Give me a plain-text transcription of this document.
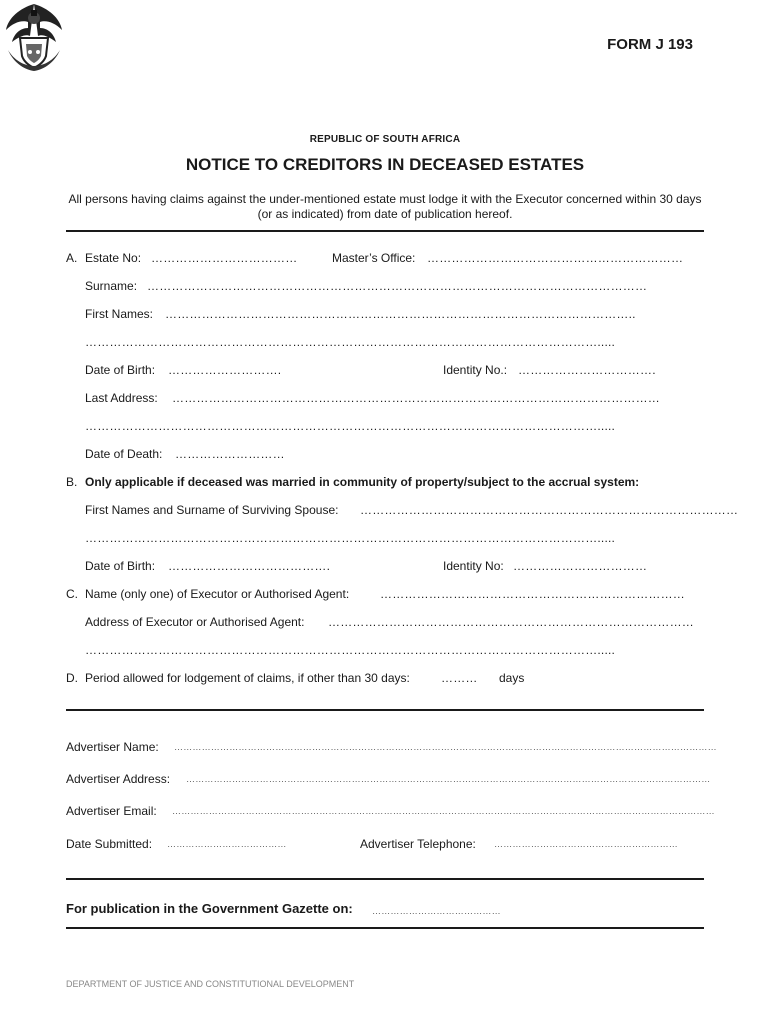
FORM J 193
REPUBLIC OF SOUTH AFRICA
NOTICE TO CREDITORS IN DECEASED ESTATES
All persons having claims against the under-mentioned estate must lodge it with the Executor concerned within 30 days (or as indicated) from date of publication hereof.
A. Estate No: ………………………………	Master’s Office: ………………………………………………………
Surname: ……………………………………………………………………………………………………………
First Names: ……………………………………………………………………………………………………..
……………………………………………………………………………………………………………….....
Date of Birth: ……………………….	Identity No.: …………………………….
Last Address: …………………………………………………………………………………………………………
……………………………………………………………………………………………………………….....
Date of Death: ………………………
B. Only applicable if deceased was married in community of property/subject to the accrual system:
First Names and Surname of Surviving Spouse: …………………………………………………………………………………
……………………………………………………………………………………………………………….....
Date of Birth: ………………………………….	Identity No: ……………………………
C. Name (only one) of Executor or Authorised Agent:	…………………………………………………………………
Address of Executor or Authorised Agent: ………………………………………………………………………………
……………………………………………………………………………………………………………….....
D. Period allowed for lodgement of claims, if other than 30 days:	……… days
Advertiser Name: ……………………………………………………………………………………………………………………………………………………………
Advertiser Address: ………………………………………………………………………………………………………………………………………………………
Advertiser Email: ……………………………………………………………………………………………………………………………………………………………
Date Submitted: …………………………………	Advertiser Telephone: ……………………………………………………
For publication in the Government Gazette on: ……………………………………
DEPARTMENT OF JUSTICE AND CONSTITUTIONAL DEVELOPMENT
